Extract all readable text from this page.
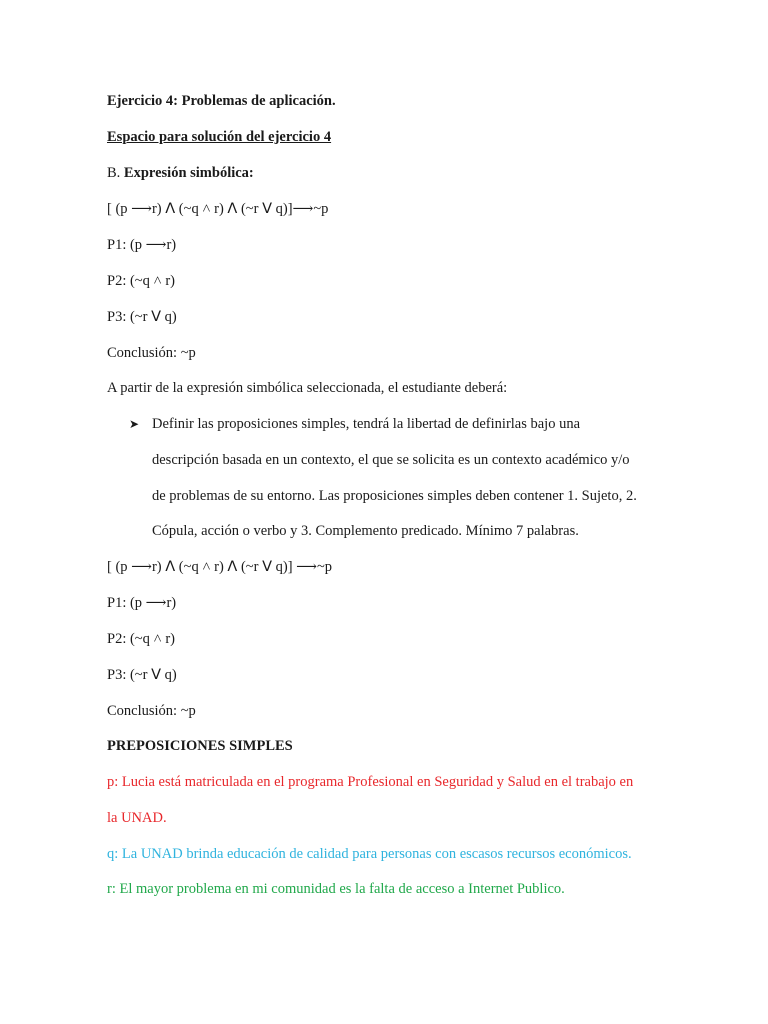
Ejercicio 4: Problemas de aplicación.
Espacio para solución del ejercicio 4
B. Expresión simbólica:
[ (p ⟶r) ᐱ (~q ˄ r) ᐱ (~r ᐯ q)]⟶~p
P1: (p ⟶r)
P2: (~q ˄ r)
P3: (~r ᐯ q)
Conclusión: ~p
A partir de la expresión simbólica seleccionada, el estudiante deberá:
➤ Definir las proposiciones simples, tendrá la libertad de definirlas bajo una
descripción basada en un contexto, el que se solicita es un contexto académico y/o
de problemas de su entorno. Las proposiciones simples deben contener 1. Sujeto, 2.
Cópula, acción o verbo y 3. Complemento predicado. Mínimo 7 palabras.
[ (p ⟶r) ᐱ (~q ˄ r) ᐱ (~r ᐯ q)] ⟶~p
P1: (p ⟶r)
P2: (~q ˄ r)
P3: (~r ᐯ q)
Conclusión: ~p
PREPOSICIONES SIMPLES
p: Lucia está matriculada en el programa Profesional en Seguridad y Salud en el trabajo en
la UNAD.
q: La UNAD brinda educación de calidad para personas con escasos recursos económicos.
r: El mayor problema en mi comunidad es la falta de acceso a Internet Publico.
